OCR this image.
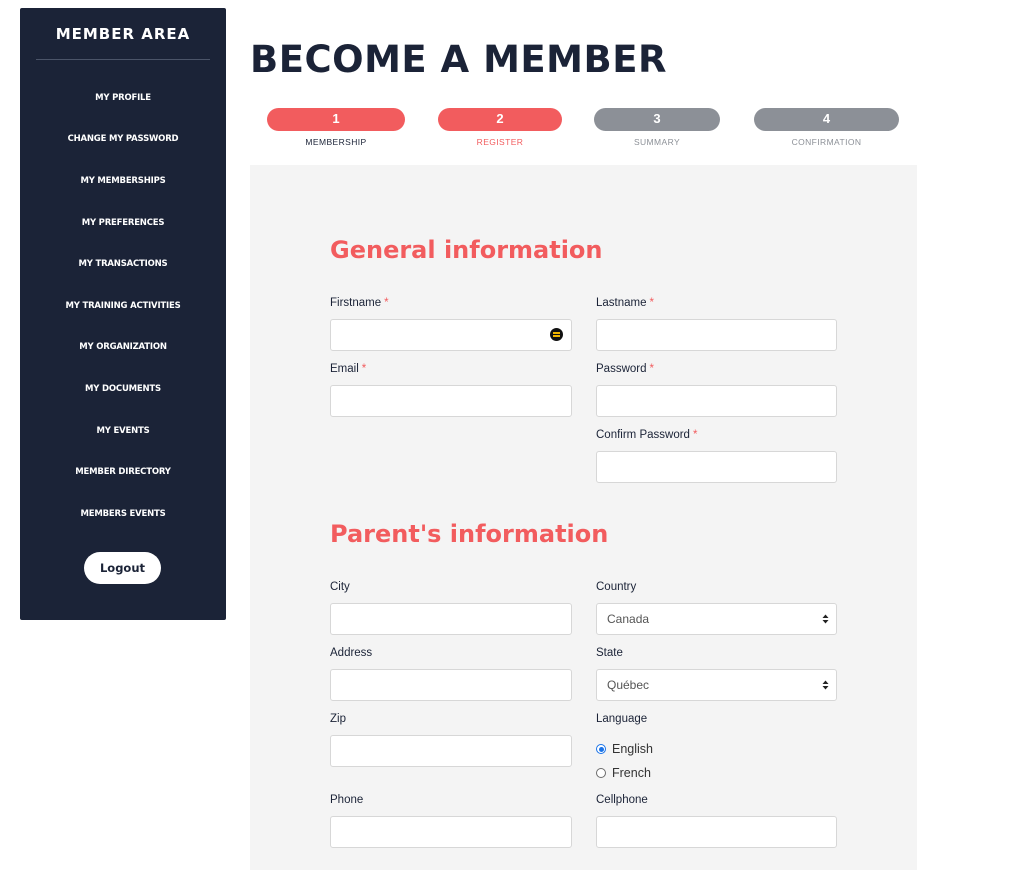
MEMBER AREA
MY PROFILE
CHANGE MY PASSWORD
MY MEMBERSHIPS
MY PREFERENCES
MY TRANSACTIONS
MY TRAINING ACTIVITIES
MY ORGANIZATION
MY DOCUMENTS
MY EVENTS
MEMBER DIRECTORY
MEMBERS EVENTS
Logout
BECOME A MEMBER
1
MEMBERSHIP
2
REGISTER
3
SUMMARY
4
CONFIRMATION
General information
Firstname *	Lastname *
Email *	Password *
Confirm Password *
Parent's information
City	Country
Canada
Address	State
Québec
Zip	Language
English
French
Phone	Cellphone
